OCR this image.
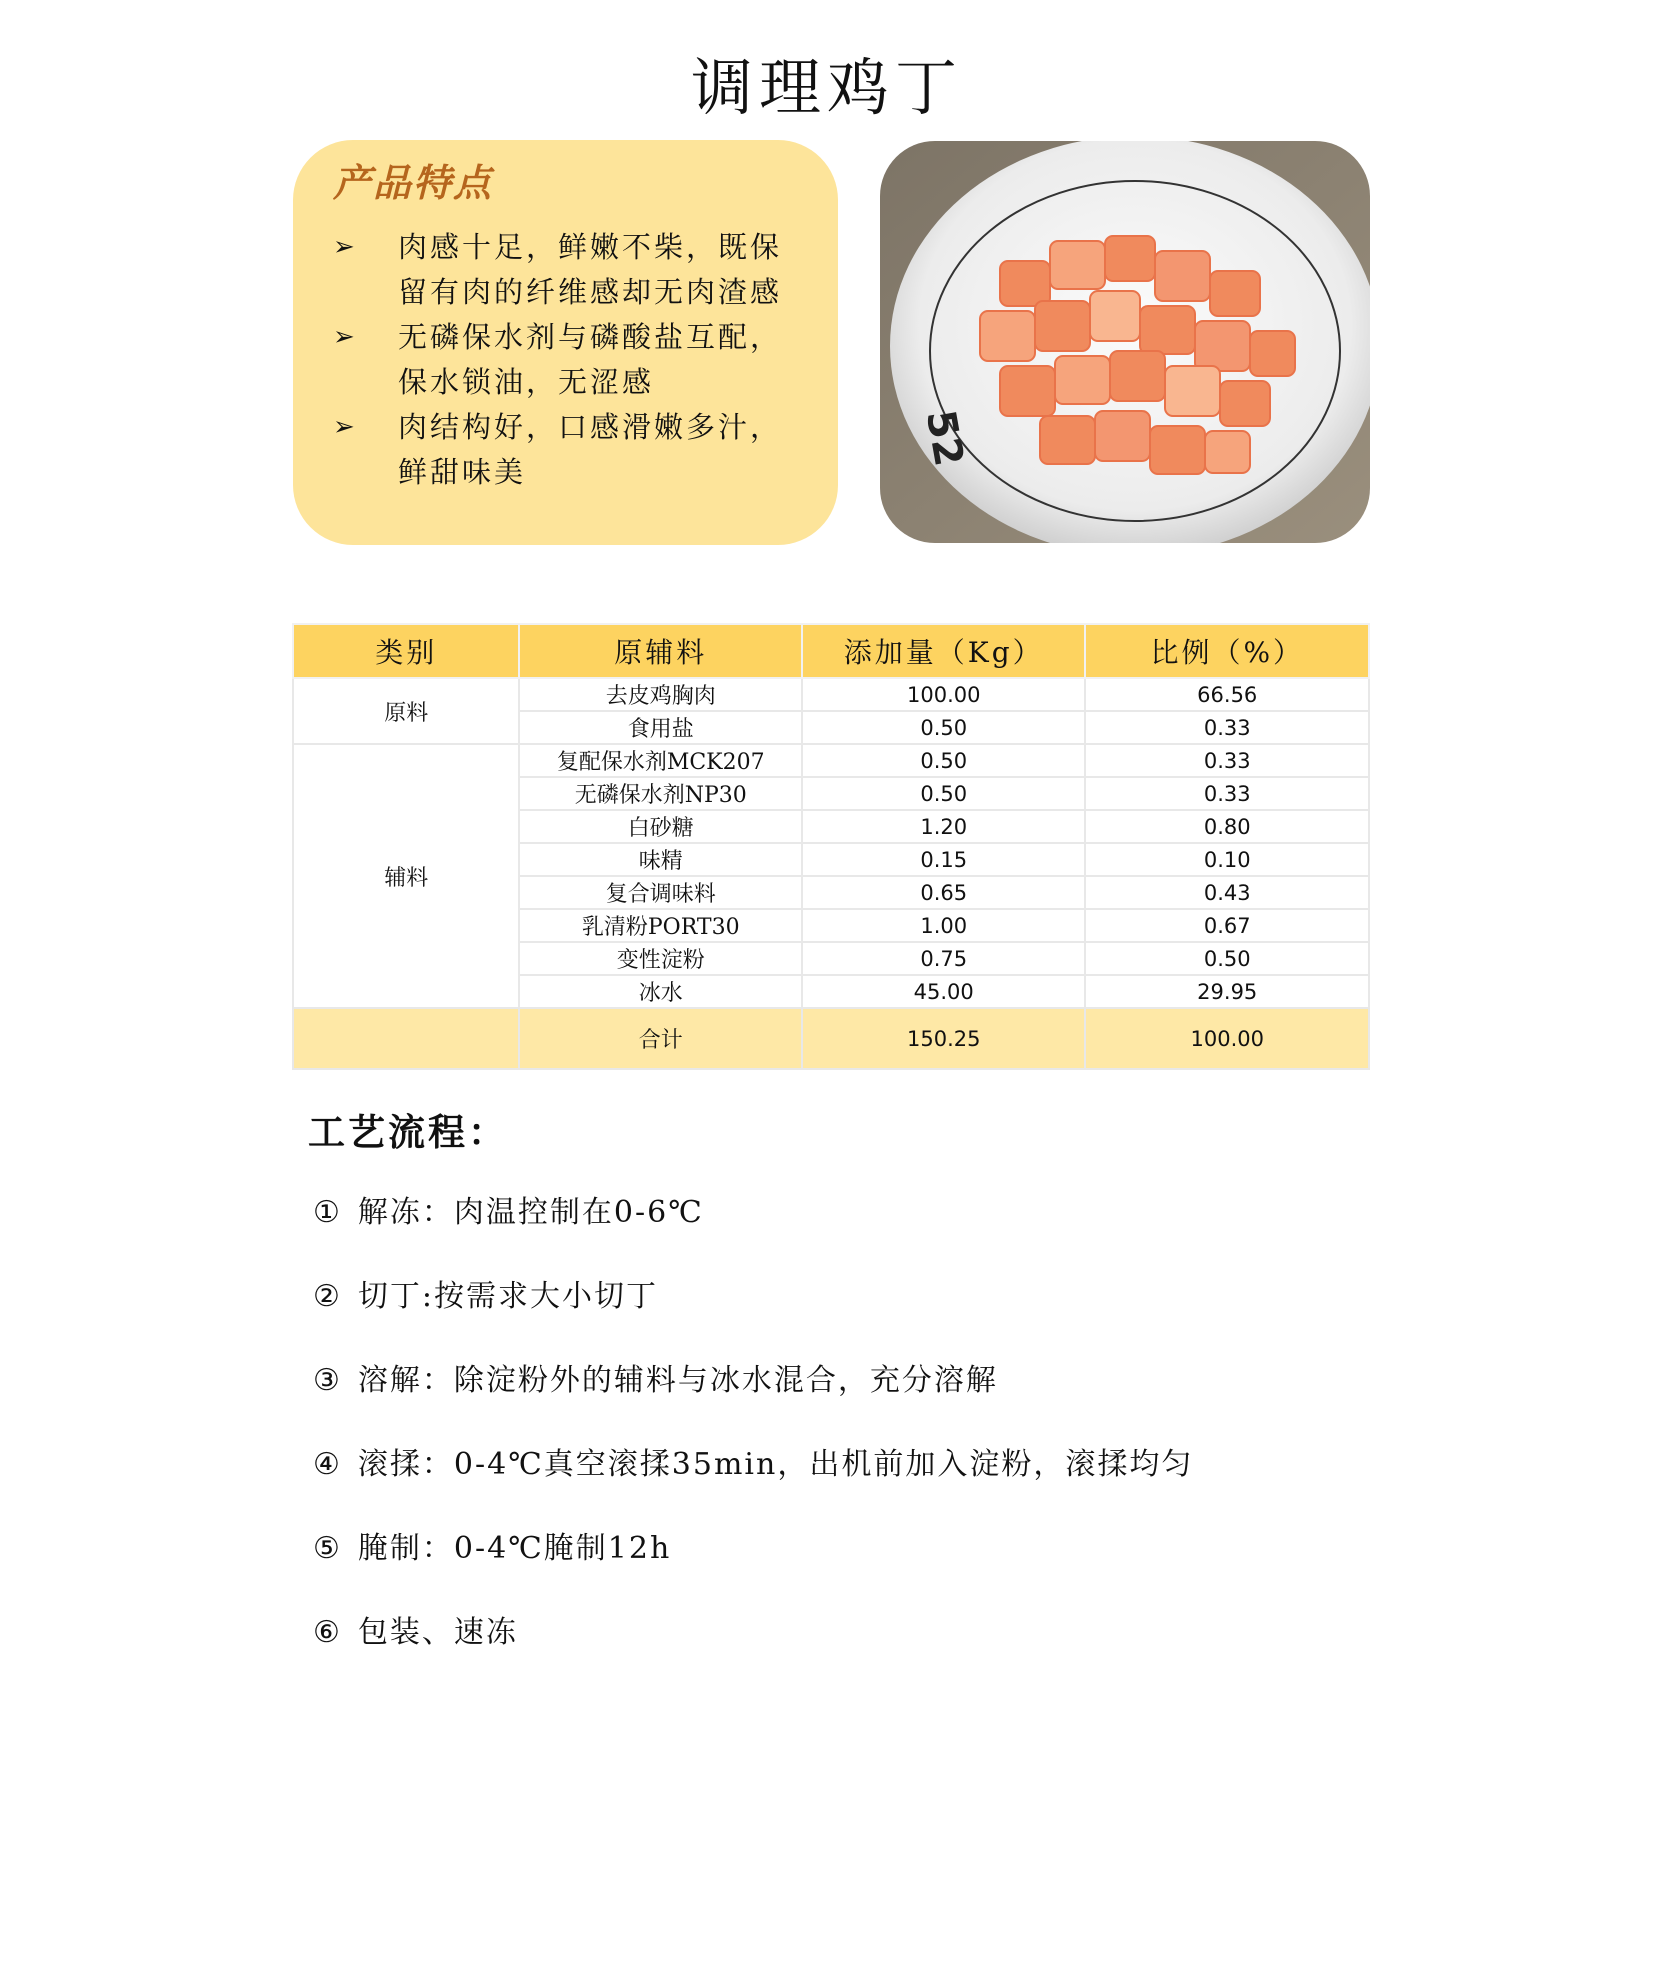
调理鸡丁
产品特点
➢ 肉感十足，鲜嫩不柴，既保留有肉的纤维感却无肉渣感
➢ 无磷保水剂与磷酸盐互配，保水锁油，无涩感
➢ 肉结构好，口感滑嫩多汁，鲜甜味美
52
类别	原辅料	添加量（Kg）	比例（%）
原料	去皮鸡胸肉	100.00	66.56
	食用盐	0.50	0.33
辅料	复配保水剂MCK207	0.50	0.33
	无磷保水剂NP30	0.50	0.33
	白砂糖	1.20	0.80
	味精	0.15	0.10
	复合调味料	0.65	0.43
	乳清粉PORT30	1.00	0.67
	变性淀粉	0.75	0.50
	冰水	45.00	29.95
	合计	150.25	100.00
工艺流程：
① 解冻：肉温控制在0-6℃
② 切丁:按需求大小切丁
③ 溶解：除淀粉外的辅料与冰水混合，充分溶解
④ 滚揉：0-4℃真空滚揉35min，出机前加入淀粉，滚揉均匀
⑤ 腌制：0-4℃腌制12h
⑥ 包装、速冻
